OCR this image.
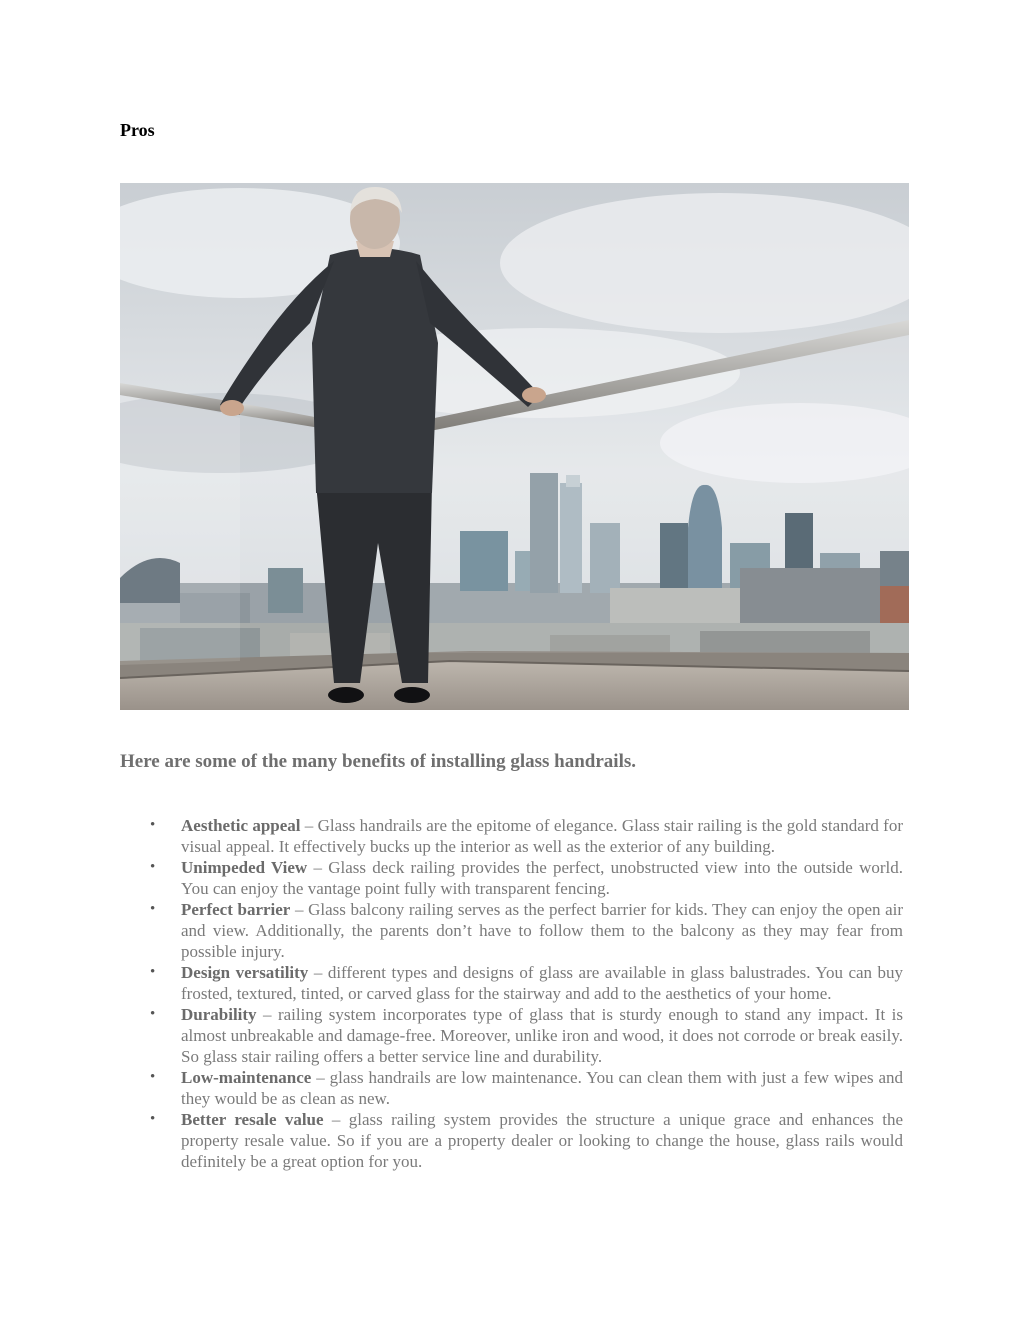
Pros
Here are some of the many benefits of installing glass handrails.
• Aesthetic appeal – Glass handrails are the epitome of elegance. Glass stair railing is the gold standard for visual appeal. It effectively bucks up the interior as well as the exterior of any building.
• Unimpeded View – Glass deck railing provides the perfect, unobstructed view into the outside world. You can enjoy the vantage point fully with transparent fencing.
• Perfect barrier – Glass balcony railing serves as the perfect barrier for kids. They can enjoy the open air and view. Additionally, the parents don’t have to follow them to the balcony as they may fear from possible injury.
• Design versatility – different types and designs of glass are available in glass balustrades. You can buy frosted, textured, tinted, or carved glass for the stairway and add to the aesthetics of your home.
• Durability – railing system incorporates type of glass that is sturdy enough to stand any impact. It is almost unbreakable and damage-free. Moreover, unlike iron and wood, it does not corrode or break easily. So glass stair railing offers a better service line and durability.
• Low-maintenance – glass handrails are low maintenance. You can clean them with just a few wipes and they would be as clean as new.
• Better resale value – glass railing system provides the structure a unique grace and enhances the property resale value. So if you are a property dealer or looking to change the house, glass rails would definitely be a great option for you.
